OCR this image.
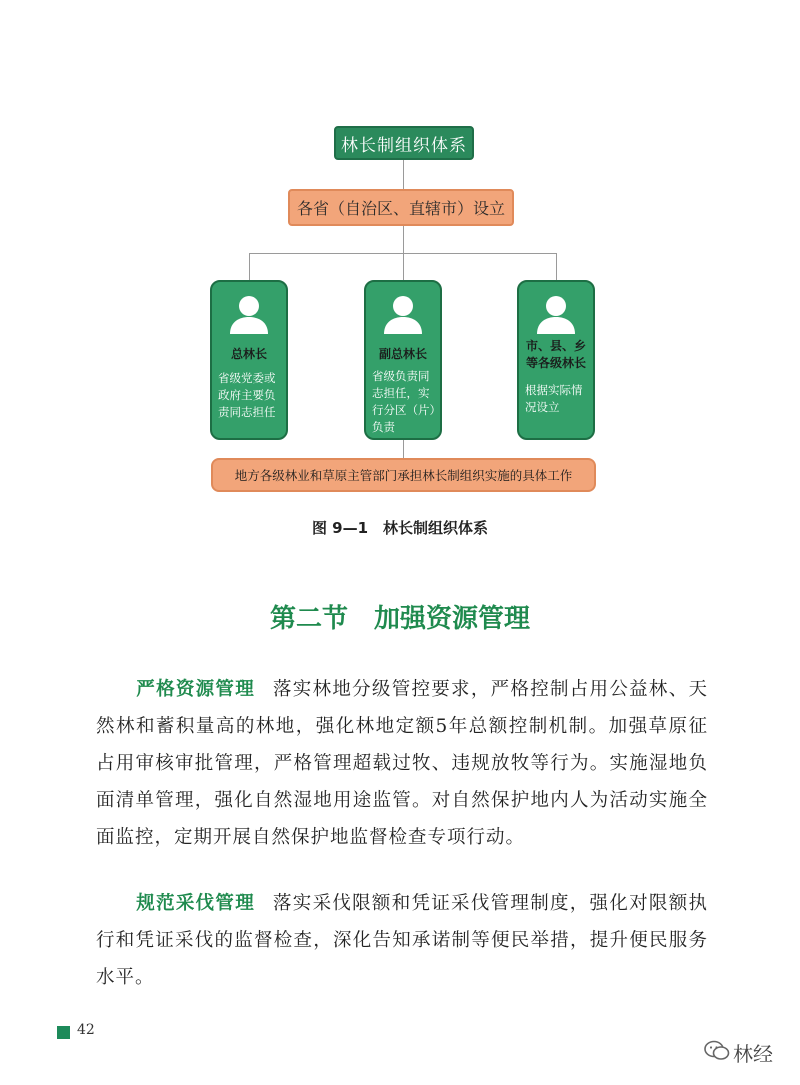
林长制组织体系
各省（自治区、直辖市）设立
总林长
省级党委或
政府主要负
责同志担任
副总林长
省级负责同
志担任，实
行分区（片）
负责
市、县、乡
等各级林长
根据实际情
况设立
地方各级林业和草原主管部门承担林长制组织实施的具体工作
图 9—1　林长制组织体系
第二节　加强资源管理
严格资源管理 落实林地分级管控要求，严格控制占用公益林、天然林和蓄积量高的林地，强化林地定额5年总额控制机制。加强草原征占用审核审批管理，严格管理超载过牧、违规放牧等行为。实施湿地负面清单管理，强化自然湿地用途监管。对自然保护地内人为活动实施全面监控，定期开展自然保护地监督检查专项行动。
规范采伐管理 落实采伐限额和凭证采伐管理制度，强化对限额执行和凭证采伐的监督检查，深化告知承诺制等便民举措，提升便民服务水平。
42
林经
